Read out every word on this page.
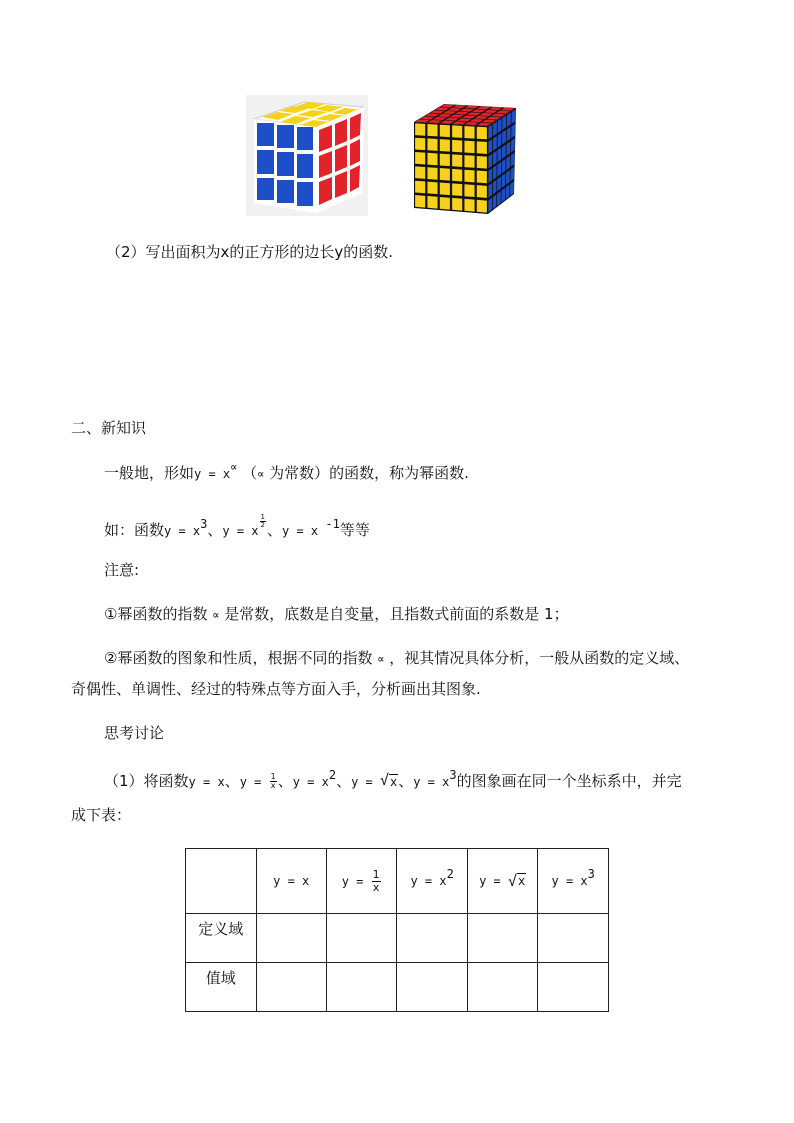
（2）写出面积为x的正方形的边长y的函数.
二、新知识
一般地，形如y = x∝ （∝ 为常数）的函数，称为幂函数.
如：函数$y = x^3$、y = x
$\frac{1}{2}$ 、y = x $^{-1}$等等
注意:
①幂函数的指数 ∝ 是常数，底数是自变量，且指数式前面的系数是 1；
②幂函数的图象和性质，根据不同的指数 ∝ ，视其情况具体分析，一般从函数的定义域、
奇偶性、单调性、经过的特殊点等方面入手，分析画出其图象.
思考讨论
（1）将函数y = x、$y = \frac{1}{x}$ 、$y = x^2$、y = √ x、$y = x^3$的图象画在同一个坐标系中，并完
成下表：
	y = x	$y = \frac{1}{x}$	$y = x^2$	y = √ x	$y = x^3$
定义域					
值域					
